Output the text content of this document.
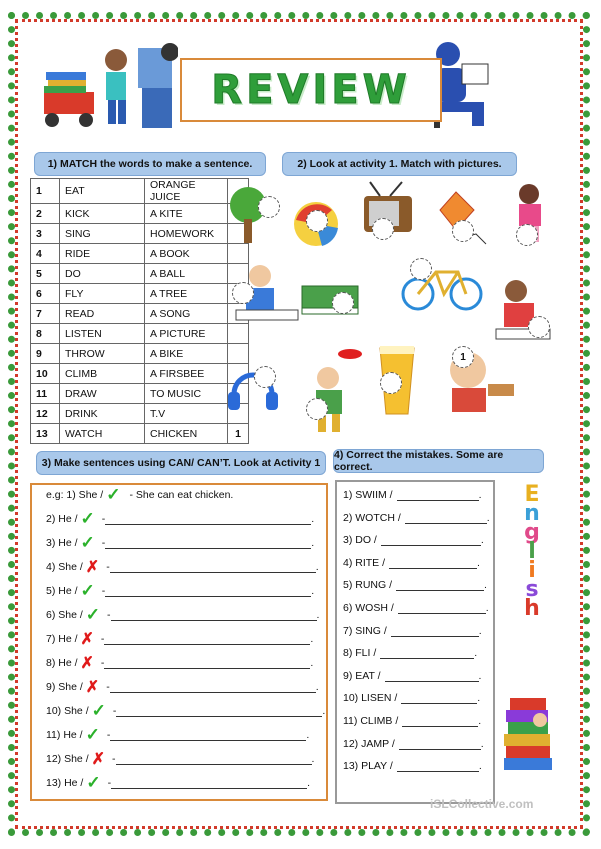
REVIEW
1) MATCH the words to make a sentence.	2) Look at activity 1. Match with pictures.
1	EAT	ORANGE JUICE	
2	KICK	A KITE	
3	SING	HOMEWORK	
4	RIDE	A BOOK	
5	DO	A BALL	
6	FLY	A TREE	
7	READ	A SONG	
8	LISTEN	A PICTURE	
9	THROW	A BIKE	
10	CLIMB	A FIRSBEE	
11	DRAW	TO MUSIC	
12	DRINK	T.V	
13	WATCH	CHICKEN	1
1
3) Make sentences using CAN/ CAN’T. Look at Activity 1
4) Correct the mistakes. Some are correct.
e.g: 1) She / ✓ - She can eat chicken.
2) He / ✓ -	.
3) He / ✓ -	.
4) She / ✗ -	.
5) He / ✓ -	.
6) She / ✓ -	.
7) He / ✗ -	.
8) He / ✗ -	.
9) She / ✗ -	.
10) She / ✓ -	.
11) He / ✓ -	.
12) She / ✗ -	.
13) He / ✓ -	.
1) SWIIM /	.
2) WOTCH /	.
3) DO /	.
4) RITE /	.
5) RUNG /	.
6) WOSH /	.
7) SING /	.
8) FLI /	.
9) EAT /	.
10) LISEN /	.
11) CLIMB /	.
12) JAMP /	.
13) PLAY /	.
E
n
g
l
i
s
h
iSLCollective.com
